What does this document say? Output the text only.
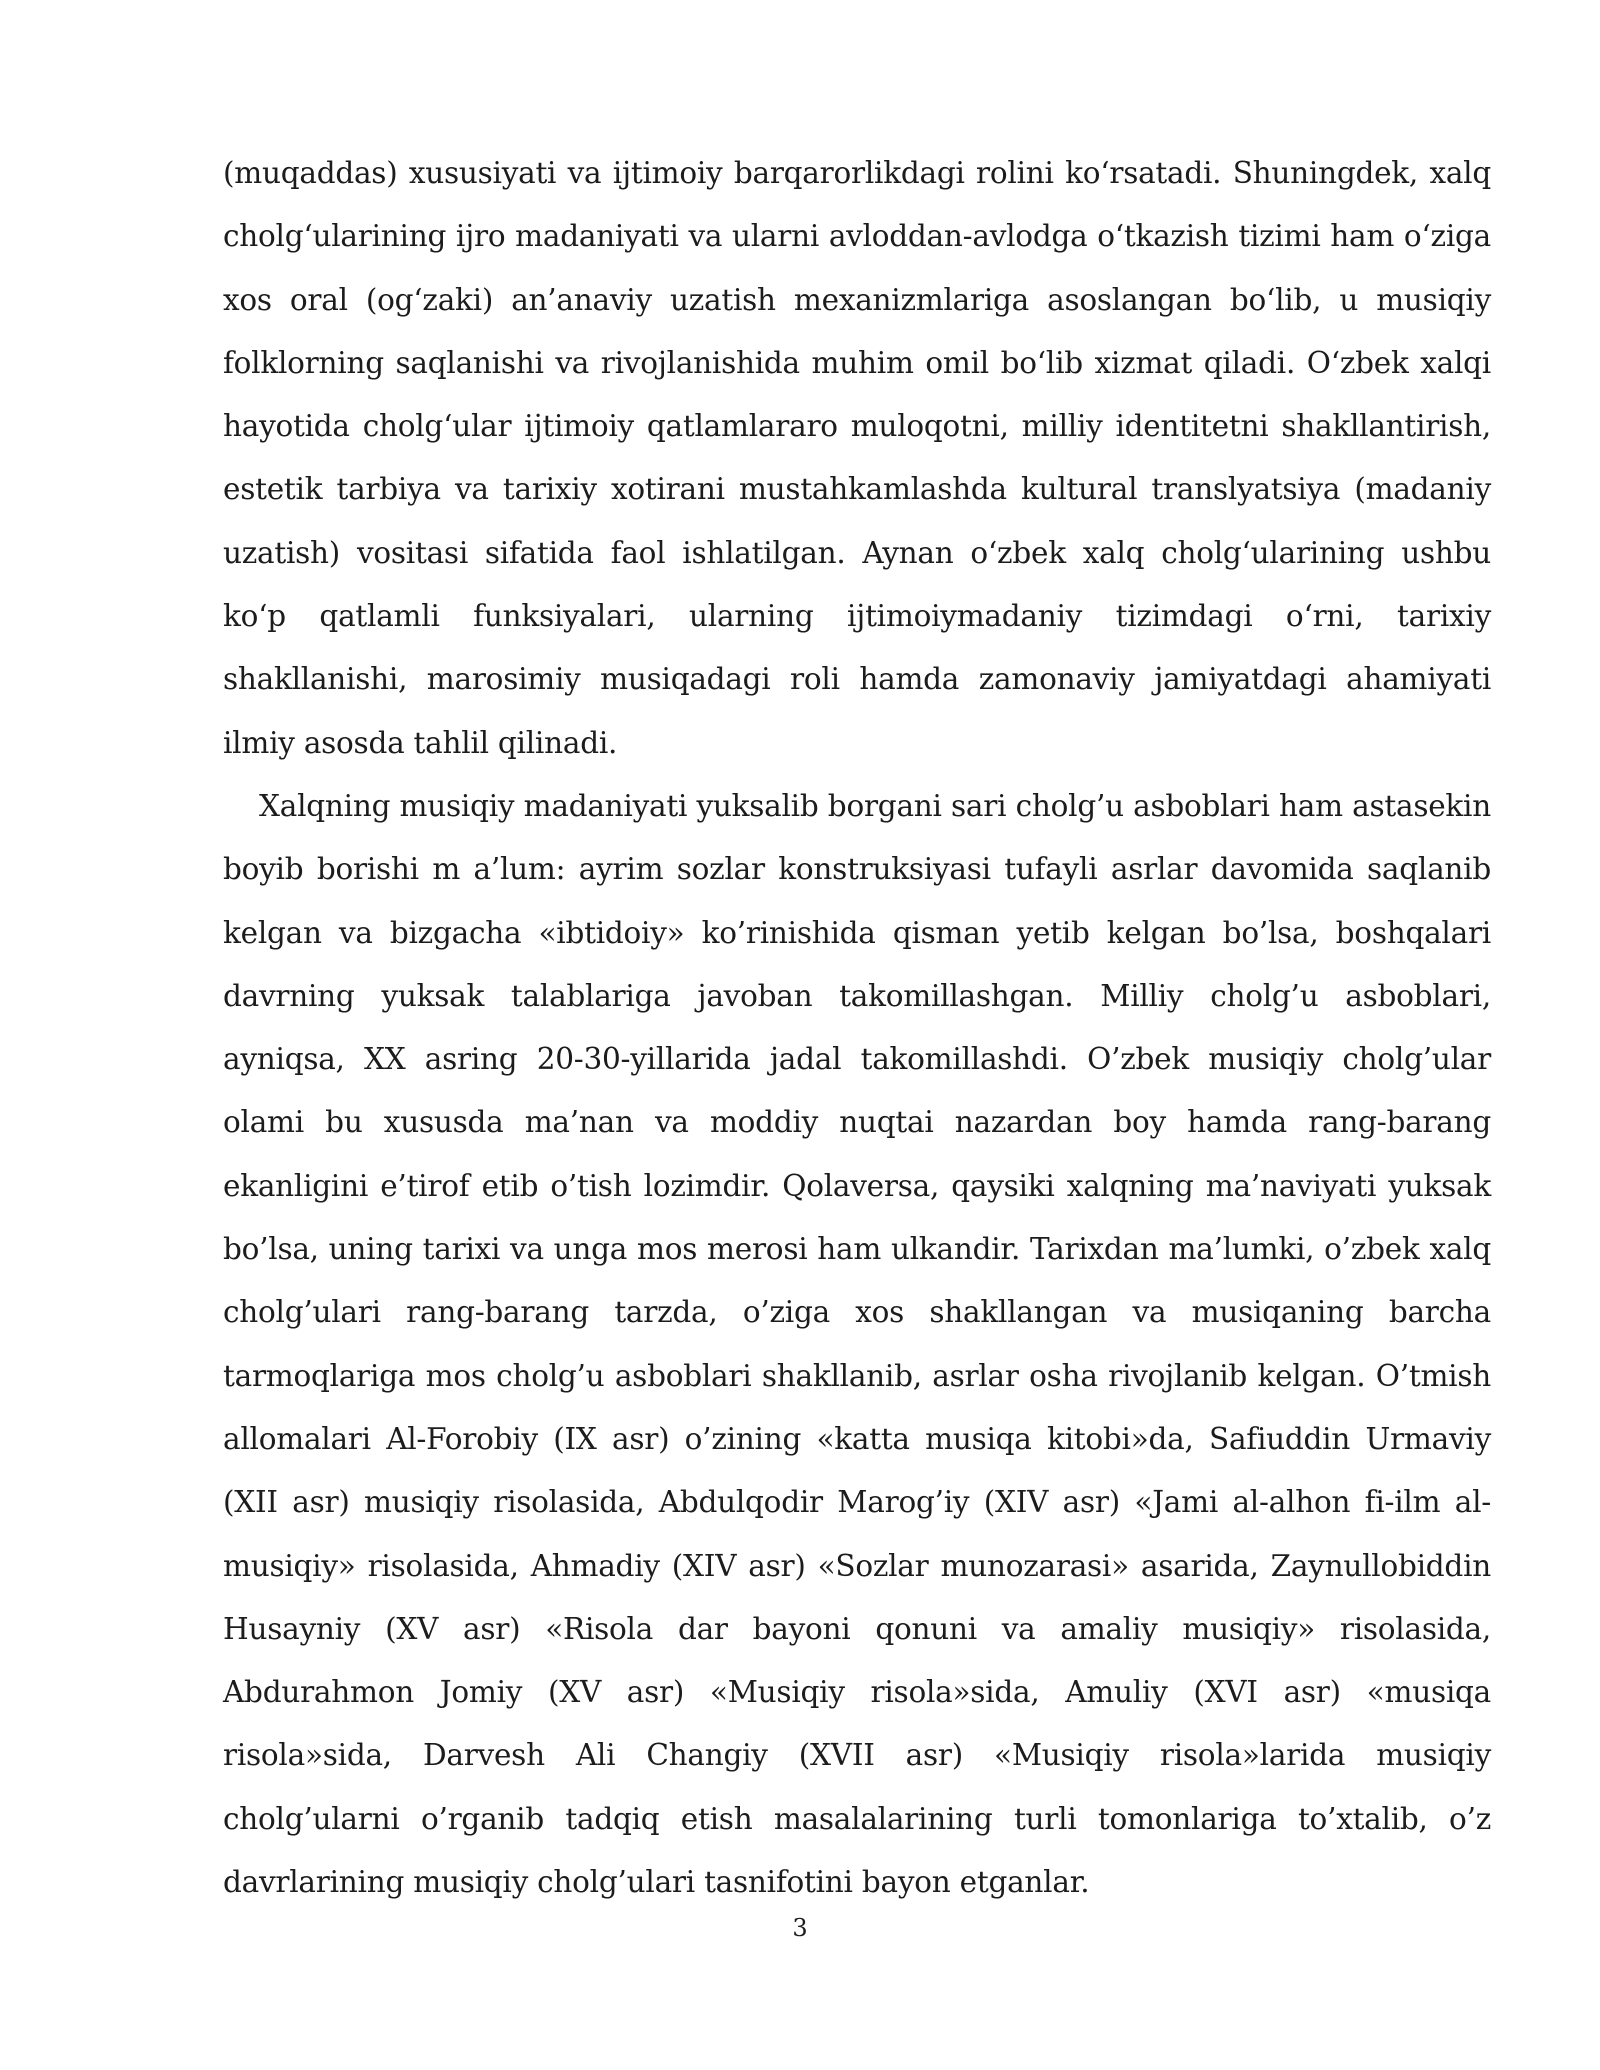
(muqaddas) xususiyati va ijtimoiy barqarorlikdagi rolini koʻrsatadi. Shuningdek, xalq cholgʻularining ijro madaniyati va ularni avloddan-avlodga oʻtkazish tizimi ham oʻziga xos oral (ogʻzaki) an’anaviy uzatish mexanizmlariga asoslangan boʻlib, u musiqiy folklorning saqlanishi va rivojlanishida muhim omil boʻlib xizmat qiladi. Oʻzbek xalqi hayotida cholgʻular ijtimoiy qatlamlararo muloqotni, milliy identitetni shakllantirish, estetik tarbiya va tarixiy xotirani mustahkamlashda kultural translyatsiya (madaniy uzatish) vositasi sifatida faol ishlatilgan. Aynan oʻzbek xalq cholgʻularining ushbu koʻp qatlamli funksiyalari, ularning ijtimoiymadaniy tizimdagi oʻrni, tarixiy shakllanishi, marosimiy musiqadagi roli hamda zamonaviy jamiyatdagi ahamiyati ilmiy asosda tahlil qilinadi.

Xalqning musiqiy madaniyati yuksalib borgani sari cholg’u asboblari ham astasekin boyib borishi m a’lum: ayrim sozlar konstruksiyasi tufayli asrlar davomida saqlanib kelgan va bizgacha «ibtidoiy» ko’rinishida qisman yetib kelgan bo’lsa, boshqalari davrning yuksak talablariga javoban takomillashgan. Milliy cholg’u asboblari, ayniqsa, XX asring 20-30-yillarida jadal takomillashdi. O’zbek musiqiy cholg’ular olami bu xususda ma’nan va moddiy nuqtai nazardan boy hamda rang-barang ekanligini e’tirof etib o’tish lozimdir. Qolaversa, qaysiki xalqning ma’naviyati yuksak bo’lsa, uning tarixi va unga mos merosi ham ulkandir. Tarixdan ma’lumki, o’zbek xalq cholg’ulari rang-barang tarzda, o’ziga xos shakllangan va musiqaning barcha tarmoqlariga mos cholg’u asboblari shakllanib, asrlar osha rivojlanib kelgan. O’tmish allomalari Al-Forobiy (IX asr) o’zining «katta musiqa kitobi»da, Safiuddin Urmaviy (XII asr) musiqiy risolasida, Abdulqodir Marog’iy (XIV asr) «Jami al-alhon fi-ilm al-musiqiy» risolasida, Ahmadiy (XIV asr) «Sozlar munozarasi» asarida, Zaynullobiddin Husayniy (XV asr) «Risola dar bayoni qonuni va amaliy musiqiy» risolasida, Abdurahmon Jomiy (XV asr) «Musiqiy risola»sida, Amuliy (XVI asr) «musiqa risola»sida, Darvesh Ali Changiy (XVII asr) «Musiqiy risola»larida musiqiy cholg’ularni o’rganib tadqiq etish masalalarining turli tomonlariga to’xtalib, o’z davrlarining musiqiy cholg’ulari tasnifotini bayon etganlar.

3
